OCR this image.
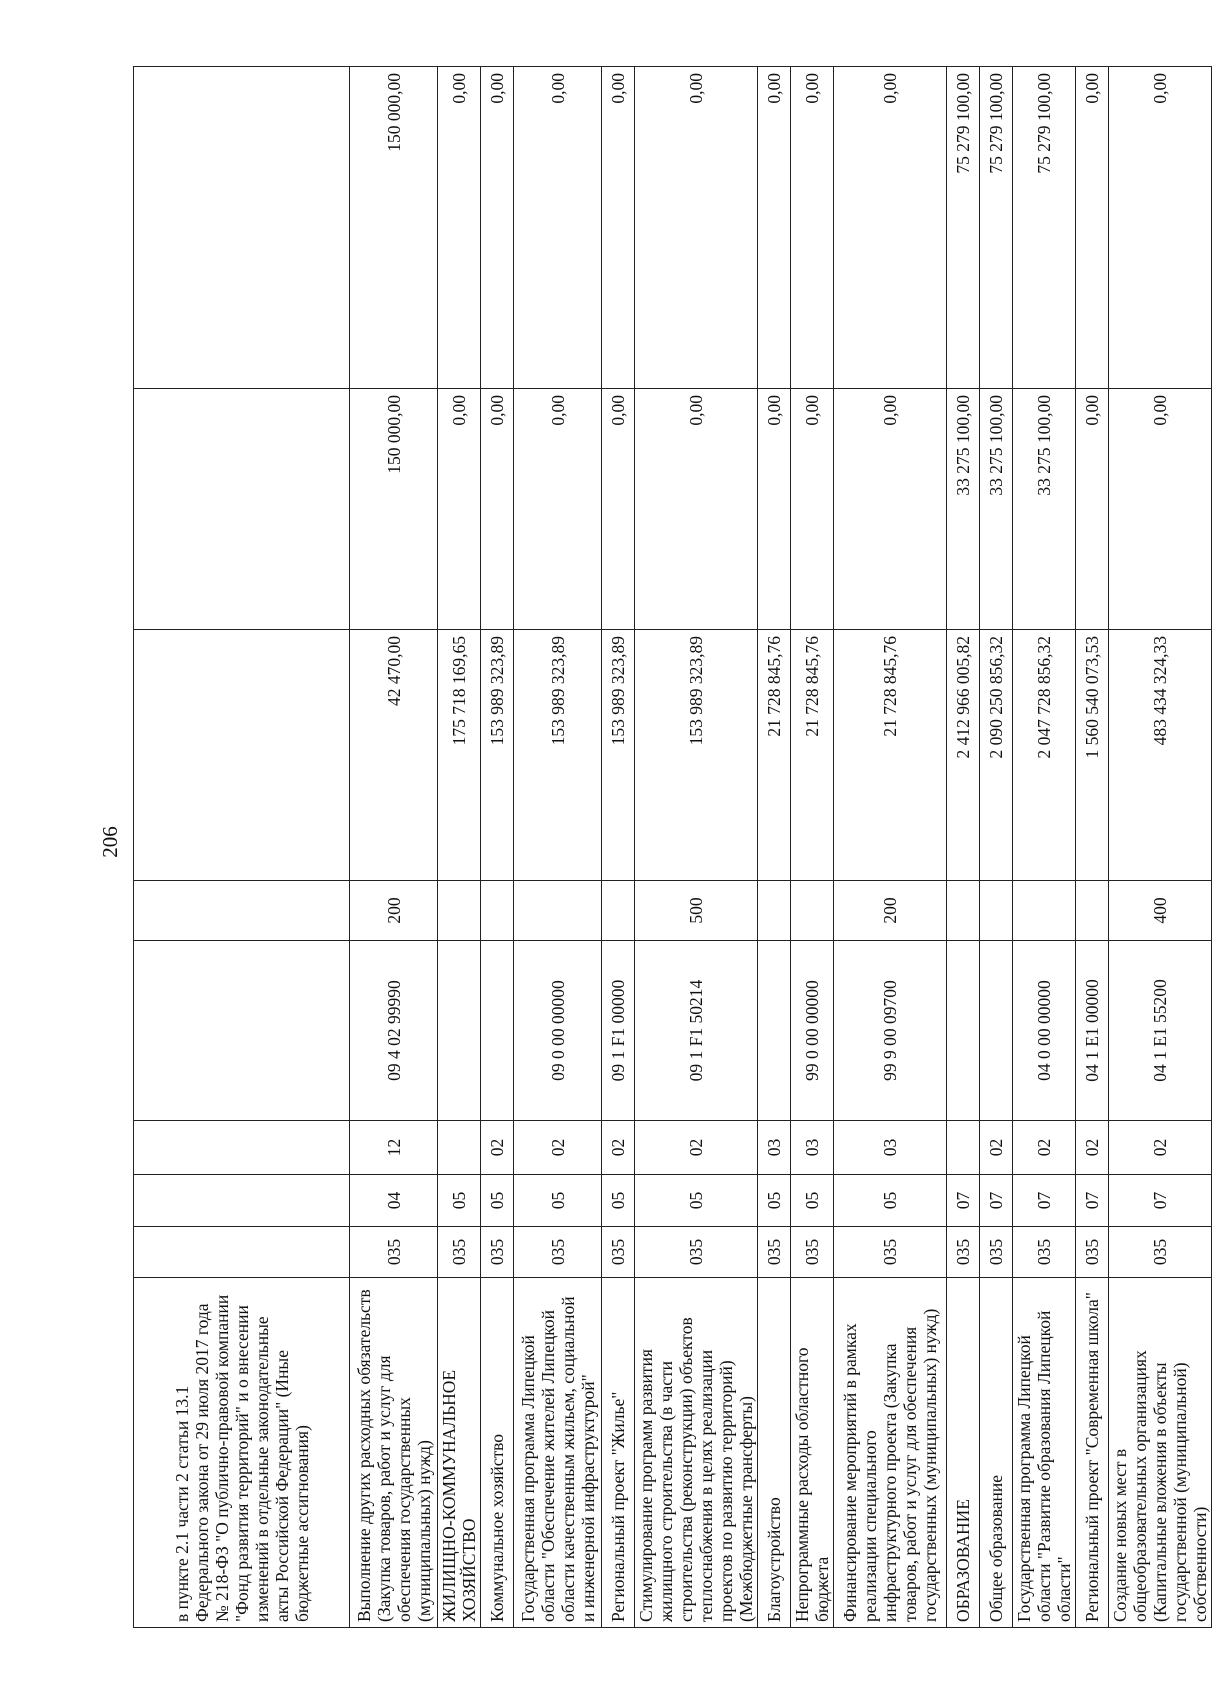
206
в пункте 2.1 части 2 статьи 13.1 Федерального закона от 29 июля 2017 года № 218-ФЗ "О публично-правовой компании "Фонд развития территорий" и о внесении изменений в отдельные законодательные акты Российской Федерации" (Иные бюджетные ассигнования)								
Выполнение других расходных обязательств (Закупка товаров, работ и услуг для обеспечения государственных (муниципальных) нужд)	035	04	12	09 4 02 99990	200	42 470,00	150 000,00	150 000,00
ЖИЛИЩНО-КОММУНАЛЬНОЕ ХОЗЯЙСТВО	035	05				175 718 169,65	0,00	0,00
Коммунальное хозяйство	035	05	02			153 989 323,89	0,00	0,00
Государственная программа Липецкой области "Обеспечение жителей Липецкой области качественным жильем, социальной и инженерной инфраструктурой"	035	05	02	09 0 00 00000		153 989 323,89	0,00	0,00
Региональный проект "Жилье"	035	05	02	09 1 F1 00000		153 989 323,89	0,00	0,00
Стимулирование программ развития жилищного строительства (в части строительства (реконструкции) объектов теплоснабжения в целях реализации проектов по развитию территорий) (Межбюджетные трансферты)	035	05	02	09 1 F1 50214	500	153 989 323,89	0,00	0,00
Благоустройство	035	05	03			21 728 845,76	0,00	0,00
Непрограммные расходы областного бюджета	035	05	03	99 0 00 00000		21 728 845,76	0,00	0,00
Финансирование мероприятий в рамках реализации специального инфраструктурного проекта (Закупка товаров, работ и услуг для обеспечения государственных (муниципальных) нужд)	035	05	03	99 9 00 09700	200	21 728 845,76	0,00	0,00
ОБРАЗОВАНИЕ	035	07				2 412 966 005,82	33 275 100,00	75 279 100,00
Общее образование	035	07	02			2 090 250 856,32	33 275 100,00	75 279 100,00
Государственная программа Липецкой области "Развитие образования Липецкой области"	035	07	02	04 0 00 00000		2 047 728 856,32	33 275 100,00	75 279 100,00
Региональный проект "Современная школа"	035	07	02	04 1 E1 00000		1 560 540 073,53	0,00	0,00
Создание новых мест в общеобразовательных организациях (Капитальные вложения в объекты государственной (муниципальной) собственности)	035	07	02	04 1 E1 55200	400	483 434 324,33	0,00	0,00
